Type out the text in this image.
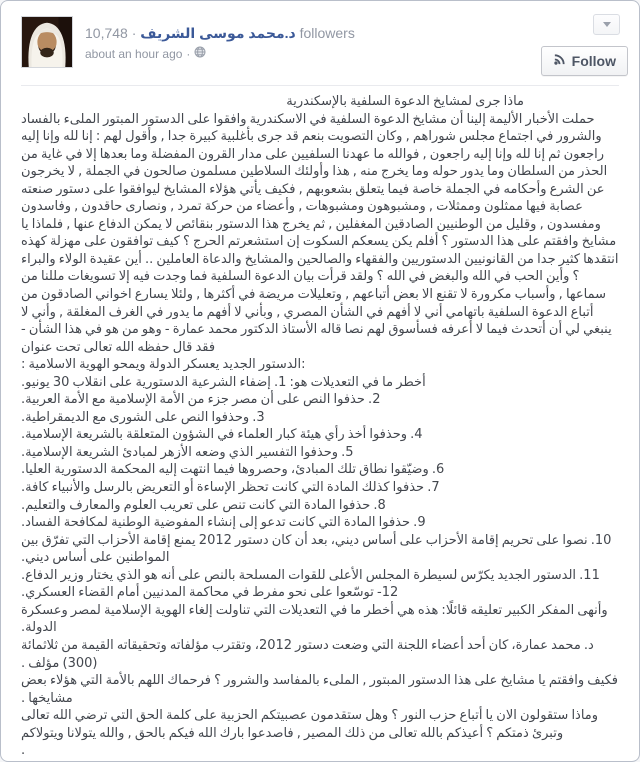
10,748 · د.محمد موسى الشريف followers
about an hour ago ·	Follow

ماذا جرى لمشايخ الدعوة السلفية بالإسكندرية

حملت الأخبار الأليمة إلينا أن مشايخ الدعوة السلفية في الاسكندرية وافقوا على الدستور المبتور الملىء بالفساد والشرور في اجتماع مجلس شوراهم , وكان التصويت بنعم قد جرى بأغلبية كبيرة جدا , وأقول لهم : إنا لله وإنا إليه راجعون ثم إنا لله وإنا إليه راجعون , فوالله ما عهدنا السلفيين على مدار القرون المفضلة وما بعدها إلا في غاية من الحذر من السلطان وما يدور حوله وما يخرج منه , هذا وأولئك السلاطين مسلمون صالحون في الجملة , لا يخرجون عن الشرع وأحكامه في الجملة خاصة فيما يتعلق بشعوبهم , فكيف يأتي هؤلاء المشايخ ليوافقوا على دستور صنعته عصابة فيها ممثلون وممثلات , ومشبوهون ومشبوهات , وأعضاء من حركة تمرد , ونصارى حاقدون , وفاسدون ومفسدون , وقليل من الوطنيين الصادقين المغفلين , ثم يخرج هذا الدستور بنقائص لا يمكن الدفاع عنها , فلماذا يا مشايخ وافقتم على هذا الدستور ؟ أفلم يكن يسعكم السكوت إن استشعرتم الحرج ؟ كيف توافقون على مهزلة كهذه انتقدها كثير جدا من القانونيين الدستوريين والفقهاء والصالحين والمشايخ والدعاة العاملين .. أين عقيدة الولاء والبراء ؟ وأين الحب في الله والبغض في الله ؟ ولقد قرأت بيان الدعوة السلفية فما وجدت فيه إلا تسويغات مللنا من سماعها , وأسباب مكرورة لا تقنع الا بعض أتباعهم , وتعليلات مريضة في أكثرها , ولئلا يسارع اخواني الصادقون من أتباع الدعوة السلفية باتهامي أني لا أفهم في الشأن المصري , وبأني لا أفهم ما يدور في الغرف المغلقة , وأني لا ينبغي لي أن أتحدث فيما لا أعرفه فسأسوق لهم نصا قاله الأستاذ الدكتور محمد عمارة - وهو من هو في هذا الشأن - فقد قال حفظه الله تعالى تحت عنوان

:الدستور الجديد يعسكر الدولة ويمحو الهوية الاسلامية :

أخطر ما في التعديلات هو: 1. إضفاء الشرعية الدستورية على انقلاب 30 يونيو.

2. حذفوا النص على أن مصر جزء من الأمة الإسلامية مع الأمة العربية.

3. وحذفوا النص على الشورى مع الديمقراطية.

4. وحذفوا أخذ رأي هيئة كبار العلماء في الشؤون المتعلقة بالشريعة الإسلامية.

5. وحذفوا التفسير الذي وضعه الأزهر لمبادئ الشريعة الإسلامية.

6. وضيّقوا نطاق تلك المبادئ، وحصروها فيما انتهت إليه المحكمة الدستورية العليا.

7. حذفوا كذلك المادة التي كانت تحظر الإساءة أو التعريض بالرسل والأنبياء كافة.

8. حذفوا المادة التي كانت تنص على تعريب العلوم والمعارف والتعليم.

9. حذفوا المادة التي كانت تدعو إلى إنشاء المفوضية الوطنية لمكافحة الفساد.

10. نصوا على تحريم إقامة الأحزاب على أساس ديني، بعد أن كان دستور 2012 يمنع إقامة الأحزاب التي تفرّق بين المواطنين على أساس ديني.

11. الدستور الجديد يكرّس لسيطرة المجلس الأعلى للقوات المسلحة بالنص على أنه هو الذي يختار وزير الدفاع.

12- توسّعوا على نحو مفرط في محاكمة المدنيين أمام القضاء العسكري.

وأنهى المفكر الكبير تعليقه قائلًا: هذه هي أخطر ما في التعديلات التي تناولت إلغاء الهوية الإسلامية لمصر وعسكرة الدولة.

د. محمد عمارة، كان أحد أعضاء اللجنة التي وضعت دستور 2012، وتقترب مؤلفاته وتحقيقاته القيمة من ثلاثمائة (300) مؤلف .

فكيف وافقتم يا مشايخ على هذا الدستور المبتور , الملىء بالمفاسد والشرور ؟ فرحماك اللهم بالأمة التي هؤلاء بعض مشايخها .

وماذا ستقولون الان يا أتباع حزب النور ؟ وهل ستقدمون عصبيتكم الحزبية على كلمة الحق التي ترضي الله تعالى وتبرئ ذمتكم ؟ أعيذكم بالله تعالى من ذلك المصير , فاصدعوا بارك الله فيكم بالحق , والله يتولانا ويتولاكم

.
